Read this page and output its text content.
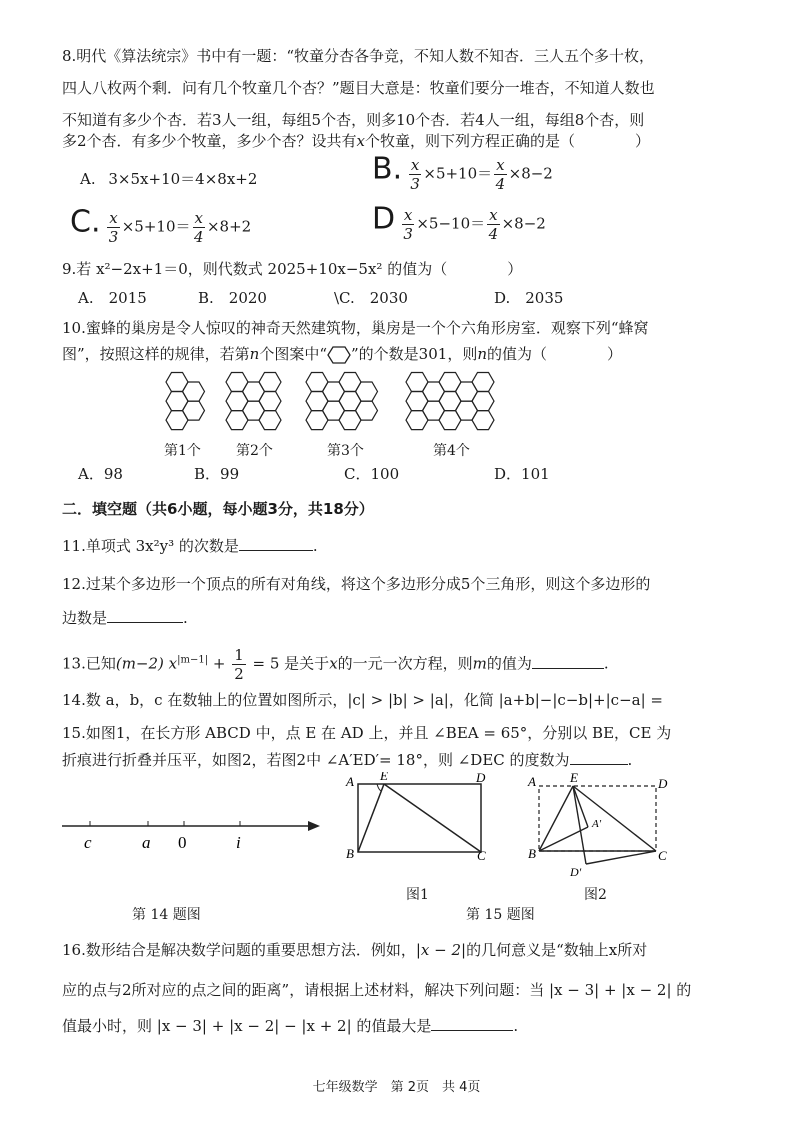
8.明代《算法统宗》书中有一题：“牧童分杏各争竞，不知人数不知杏．三人五个多十枚，
四人八枚两个剩．问有几个牧童几个杏？”题目大意是：牧童们要分一堆杏，不知道人数也
不知道有多少个杏．若3人一组，每组5个杏，则多10个杏．若4人一组，每组8个杏，则
多2个杏．有多少个牧童，多少个杏？设共有x个牧童，则下列方程正确的是（　　　　）
A. 3×5x+10＝4×8x+2	B. $\frac{x}{3} \times 5+10= \frac{x}{4} \times 8-2$
C. $\frac{x}{3} \times 5+10= \frac{x}{4} \times 8+2$	D $\frac{x}{3} \times 5-10= \frac{x}{4} \times 8-2$
9.若 x²−2x+1＝0，则代数式 2025+10x−5x² 的值为（　　　　）
A.　2015	B.　2020	\C.　2030	D.　2035
10.蜜蜂的巢房是令人惊叹的神奇天然建筑物，巢房是一个个六角形房室．观察下列“蜂窝
图”，按照这样的规律，若第n个图案中“ ”的个数是301，则n的值为（　　　　）
第1个	第2个	第3个	第4个
A．98	B．99	C．100	D．101
二．填空题（共6小题，每小题3分，共18分）
11.单项式 3x²y³ 的次数是	.
12.过某个多边形一个顶点的所有对角线，将这个多边形分成5个三角形，则这个多边形的
边数是	.
13.已知(m−2) $x^{|m-1|} + \frac{1}{2} = 5$ 是关于x的一元一次方程，则m的值为	.
14.数 a，b，c 在数轴上的位置如图所示，|c| > |b| > |a|，化简 |a+b|−|c−b|+|c−a| =
15.如图1，在长方形 ABCD 中，点 E 在 AD 上，并且 ∠BEA = 65°，分别以 BE，CE 为
折痕进行折叠并压平，如图2，若图2中 ∠A′ED′= 18°，则 ∠DEC 的度数为	.
c	a 0	i
A E	D
B	C
图1
A	E	D
A'
B	C
D'
图2
第 14 题图	第 15 题图
16.数形结合是解决数学问题的重要思想方法．例如，|x − 2|的几何意义是“数轴上x所对
应的点与2所对应的点之间的距离”，请根据上述材料，解决下列问题：当 |x − 3| + |x − 2| 的
值最小时，则 |x − 3| + |x − 2| − |x + 2| 的值最大是	.
七年级数学　第 2页　共 4页
